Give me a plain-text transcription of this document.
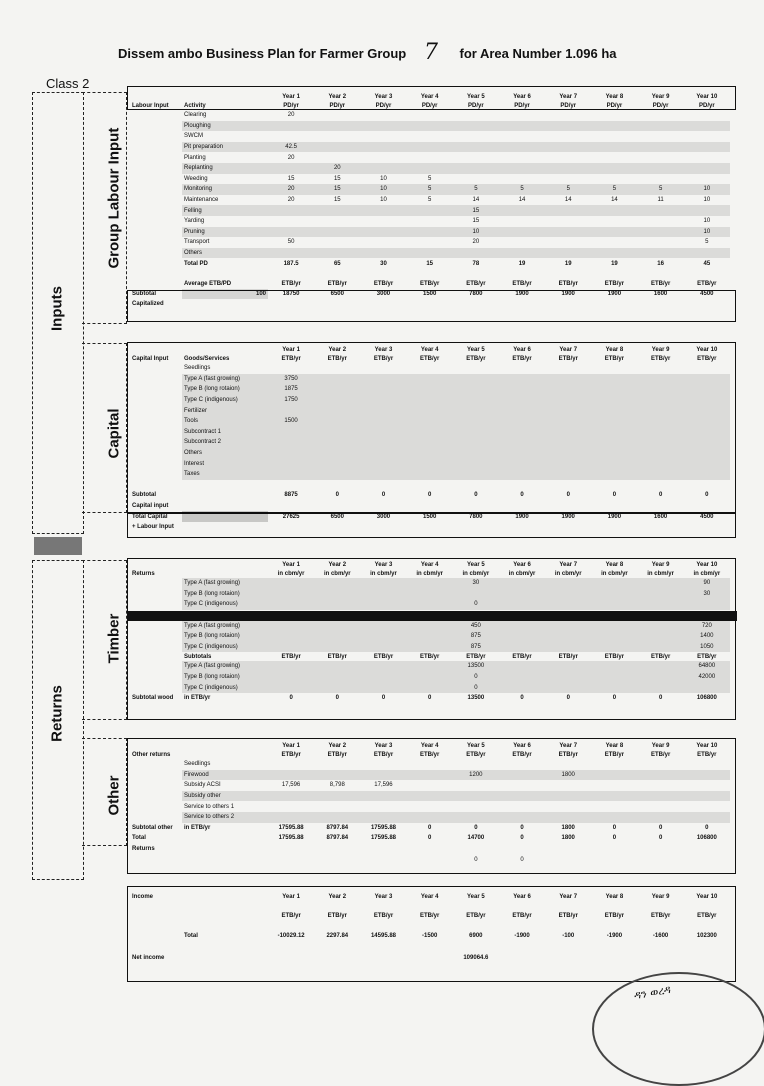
Dissem ambo Business Plan for Farmer Group	for Area Number 1.096 ha
7
Class 2
Inputs
Group Labour Input
Capital
Returns
Timber
Other
		Year 1	Year 2	Year 3	Year 4	Year 5	Year 6	Year 7	Year 8	Year 9	Year 10
Labour Input	Activity	PD/yr	PD/yr	PD/yr	PD/yr	PD/yr	PD/yr	PD/yr	PD/yr	PD/yr	PD/yr
	Clearing	20									
	Ploughing										
	SWCM										
	Pit preparation	42.5									
	Planting	20									
	Replanting		20								
	Weeding	15	15	10	5						
	Monitoring	20	15	10	5	5	5	5	5	5	10
	Maintenance	20	15	10	5	14	14	14	14	11	10
	Felling					15					
	Yarding					15					10
	Pruning					10					10
	Transport	50				20					5
	Others										
	Total PD	187.5	65	30	15	78	19	19	19	16	45

	Average ETB/PD	ETB/yr	ETB/yr	ETB/yr	ETB/yr	ETB/yr	ETB/yr	ETB/yr	ETB/yr	ETB/yr	ETB/yr
Subtotal	100	18750	6500	3000	1500	7800	1900	1900	1900	1600	4500
Capitalized											
		Year 1	Year 2	Year 3	Year 4	Year 5	Year 6	Year 7	Year 8	Year 9	Year 10
Capital Input	Goods/Services	ETB/yr	ETB/yr	ETB/yr	ETB/yr	ETB/yr	ETB/yr	ETB/yr	ETB/yr	ETB/yr	ETB/yr
	Seedlings										
	Type A (fast growing)	3750									
	Type B (long rotaion)	1875									
	Type C (indigenous)	1750									
	Fertilizer										
	Tools	1500									
	Subcontract 1										
	Subcontract 2										
	Others										
	Interest										
	Taxes										

Subtotal		8875	0	0	0	0	0	0	0	0	0
Capital input											
Total Capital		27625	6500	3000	1500	7800	1900	1900	1900	1600	4500
+ Labour Input											
		Year 1	Year 2	Year 3	Year 4	Year 5	Year 6	Year 7	Year 8	Year 9	Year 10
Returns		in cbm/yr	in cbm/yr	in cbm/yr	in cbm/yr	in cbm/yr	in cbm/yr	in cbm/yr	in cbm/yr	in cbm/yr	in cbm/yr
	Type A (fast growing)					30					90
	Type B (long rotaion)										30
	Type C (indigenous)					0					

	Type A (fast growing)					450					720
	Type B (long rotaion)					875					1400
	Type C (indigenous)					875					1050
	Subtotals	ETB/yr	ETB/yr	ETB/yr	ETB/yr	ETB/yr	ETB/yr	ETB/yr	ETB/yr	ETB/yr	ETB/yr
	Type A (fast growing)					13500					64800
	Type B (long rotaion)					0					42000
	Type C (indigenous)					0					
Subtotal wood	in ETB/yr	0	0	0	0	13500	0	0	0	0	106800
		Year 1	Year 2	Year 3	Year 4	Year 5	Year 6	Year 7	Year 8	Year 9	Year 10
Other returns		ETB/yr	ETB/yr	ETB/yr	ETB/yr	ETB/yr	ETB/yr	ETB/yr	ETB/yr	ETB/yr	ETB/yr
	Seedlings										
	Firewood					1200		1800			
	Subsidy ACSI	17,596	8,798	17,596							
	Subsidy other										
	Service to others 1										
	Service to others 2										
Subtotal other	in ETB/yr	17595.88	8797.84	17595.88	0	0	0	1800	0	0	0
Total		17595.88	8797.84	17595.88	0	14700	0	1800	0	0	106800
Returns											
						0	0				
Income		Year 1	Year 2	Year 3	Year 4	Year 5	Year 6	Year 7	Year 8	Year 9	Year 10

		ETB/yr	ETB/yr	ETB/yr	ETB/yr	ETB/yr	ETB/yr	ETB/yr	ETB/yr	ETB/yr	ETB/yr

	Total	-10029.12	2297.84	14595.88	-1500	6900	-1900	-100	-1900	-1600	102300

Net income						109064.6					
ዳን ወረዳ
